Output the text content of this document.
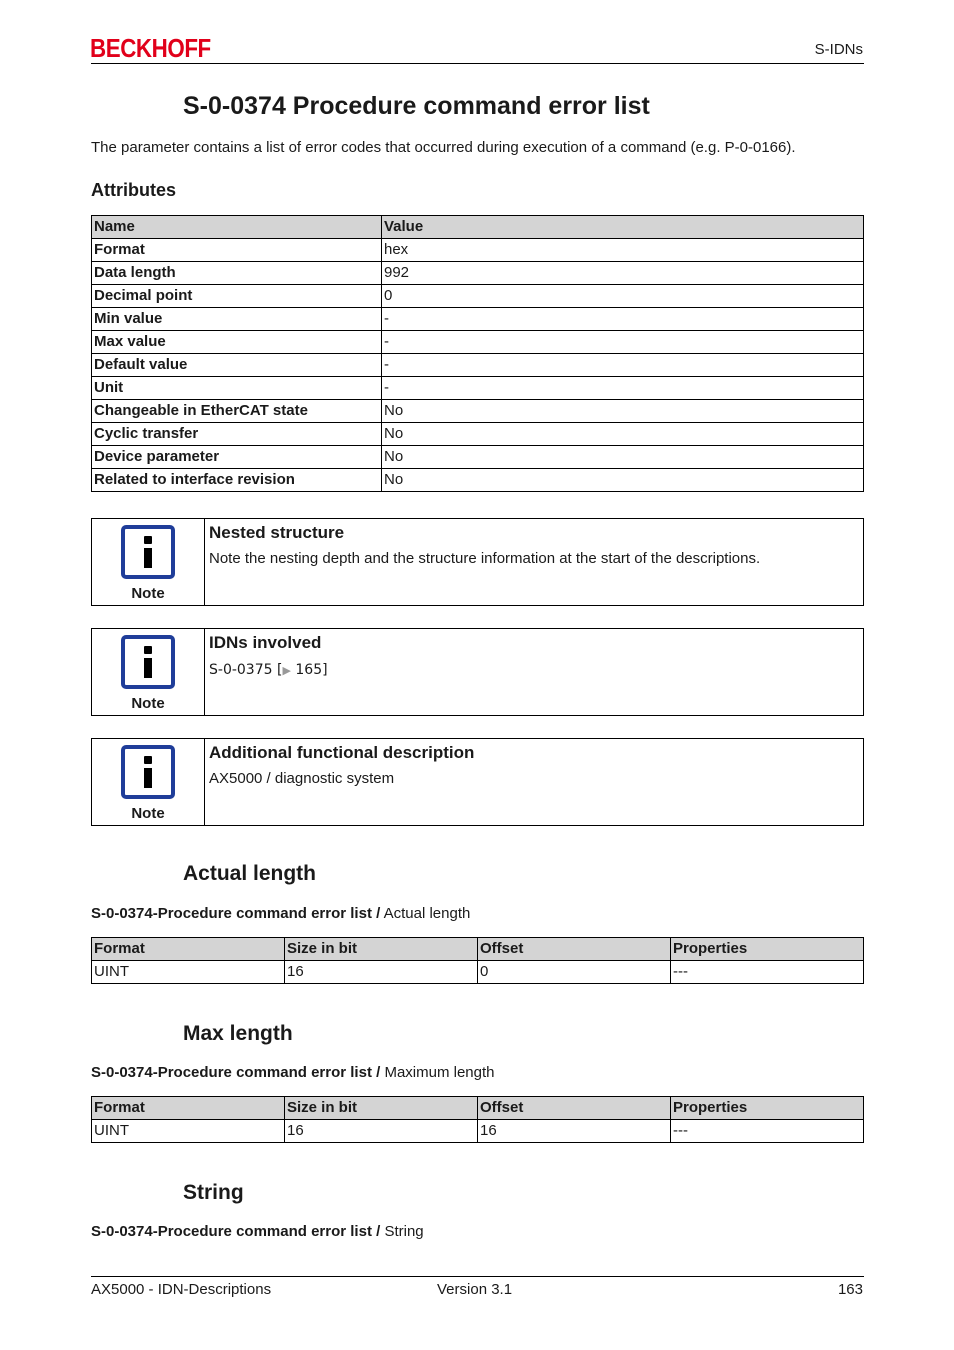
BECKHOFF	S-IDNs
S-0-0374 Procedure command error list
The parameter contains a list of error codes that occurred during execution of a command (e.g. P-0-0166).
Attributes
Name	Value
Format	hex
Data length	992
Decimal point	0
Min value	-
Max value	-
Default value	-
Unit	-
Changeable in EtherCAT state	No
Cyclic transfer	No
Device parameter	No
Related to interface revision	No
Note
Nested structure
Note the nesting depth and the structure information at the start of the descriptions.
Note
IDNs involved
S-0-0375 [▶ 165]
Note
Additional functional description
AX5000 / diagnostic system
Actual length
S-0-0374-Procedure command error list / Actual length
Format	Size in bit	Offset	Properties
UINT	16	0	---
Max length
S-0-0374-Procedure command error list / Maximum length
Format	Size in bit	Offset	Properties
UINT	16	16	---
String
S-0-0374-Procedure command error list / String
AX5000 - IDN-Descriptions	Version 3.1	163
